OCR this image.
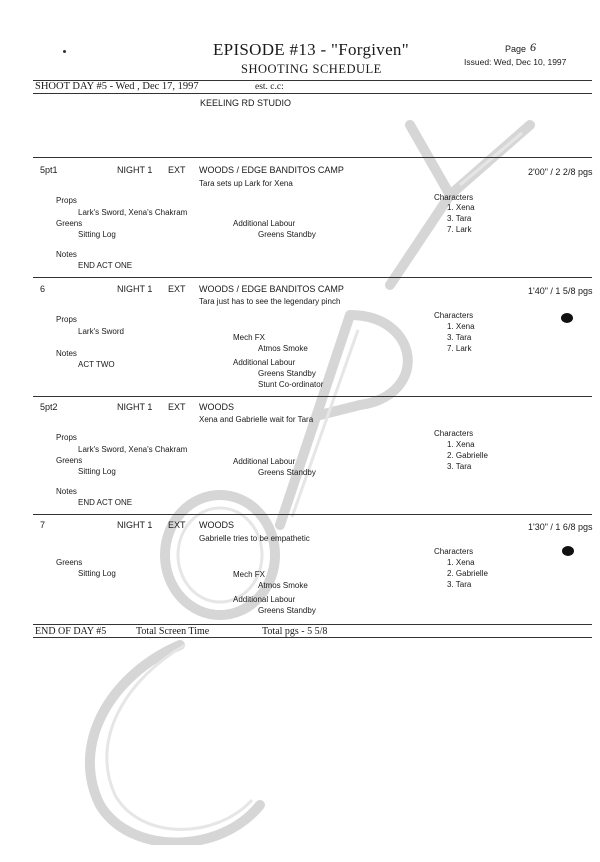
EPISODE #13 - "Forgiven"
SHOOTING SCHEDULE
Page 6
Issued: Wed, Dec 10, 1997
SHOOT DAY #5 - Wed , Dec 17, 1997	est. c.c:
KEELING RD STUDIO
5pt1	NIGHT 1 EXT WOODS / EDGE BANDITOS CAMP	2'00" / 2 2/8 pgs
Tara sets up Lark for Xena
Props
Lark's Sword, Xena's Chakram
Greens
Sitting Log
Additional Labour
Greens Standby
Notes
END ACT ONE
Characters
1. Xena
3. Tara
7. Lark
6	NIGHT 1 EXT WOODS / EDGE BANDITOS CAMP	1'40" / 1 5/8 pgs
Tara just has to see the legendary pinch
Props
Lark's Sword
Mech FX
Atmos Smoke
Notes
ACT TWO	Additional Labour
Greens Standby
Stunt Co-ordinator
Characters
1. Xena
3. Tara
7. Lark
5pt2	NIGHT 1 EXT WOODS
Xena and Gabrielle wait for Tara
Props
Lark's Sword, Xena's Chakram
Greens
Sitting Log
Additional Labour
Greens Standby
Notes
END ACT ONE
Characters
1. Xena
2. Gabrielle
3. Tara
7	NIGHT 1 EXT WOODS	1'30" / 1 6/8 pgs
Gabrielle tries to be empathetic
Greens
Sitting Log	Mech FX
Atmos Smoke
Additional Labour
Greens Standby
Characters
1. Xena
2. Gabrielle
3. Tara
END OF DAY #5	Total Screen Time	Total pgs - 5 5/8
